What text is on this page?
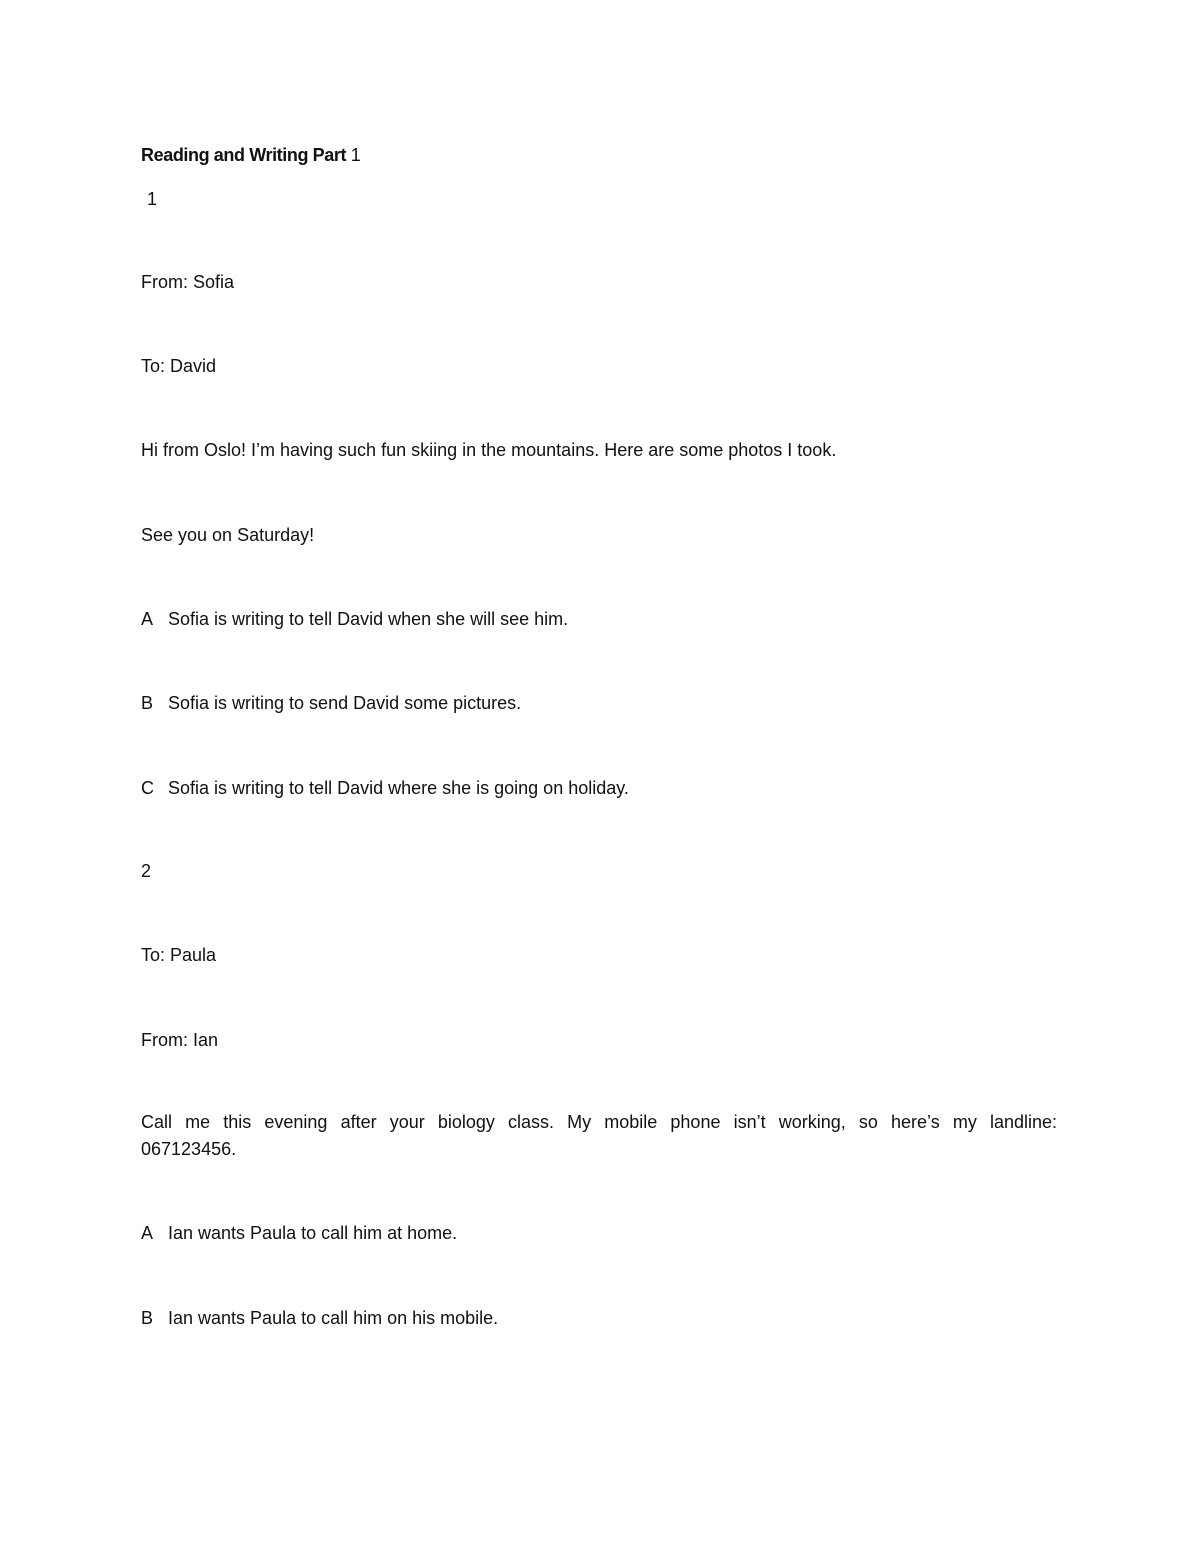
Reading and Writing Part 1
1
From: Sofia
To: David
Hi from Oslo! I’m having such fun skiing in the mountains. Here are some photos I took.
See you on Saturday!
A Sofia is writing to tell David when she will see him.
B Sofia is writing to send David some pictures.
C Sofia is writing to tell David where she is going on holiday.
2
To: Paula
From: Ian
Call me this evening after your biology class. My mobile phone isn’t working, so here’s my landline: 067123456.
A Ian wants Paula to call him at home.
B Ian wants Paula to call him on his mobile.
